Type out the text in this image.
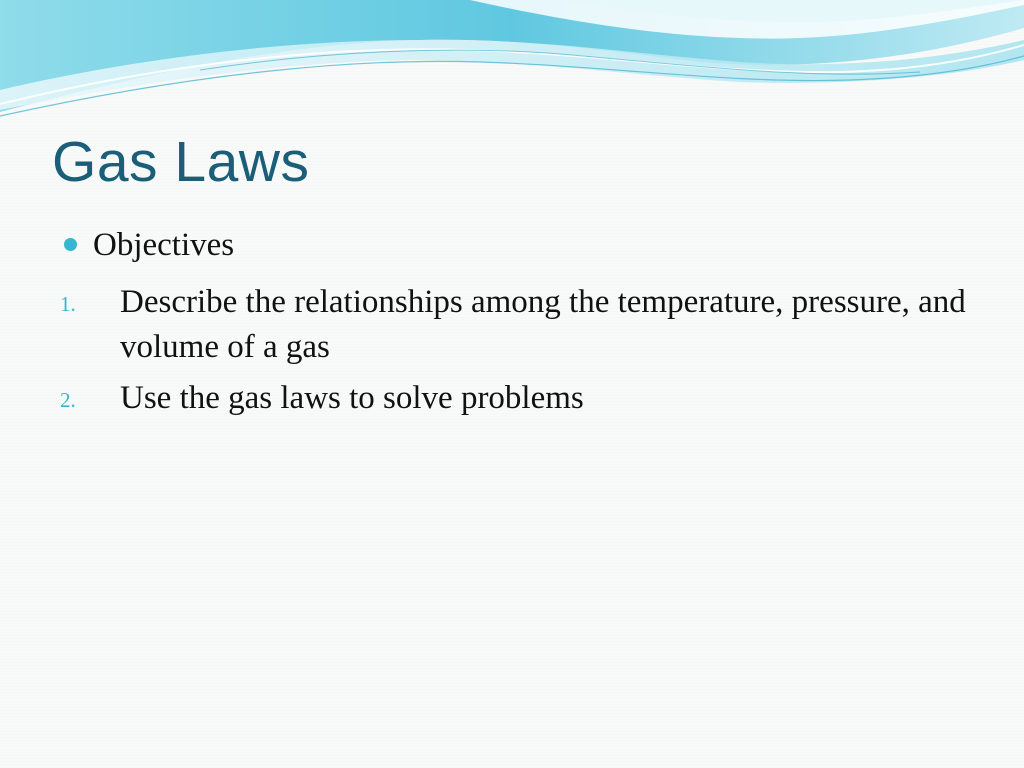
Gas Laws
Objectives
1.	Describe the relationships among the temperature, pressure, and volume of a gas
2.	Use the gas laws to solve problems
